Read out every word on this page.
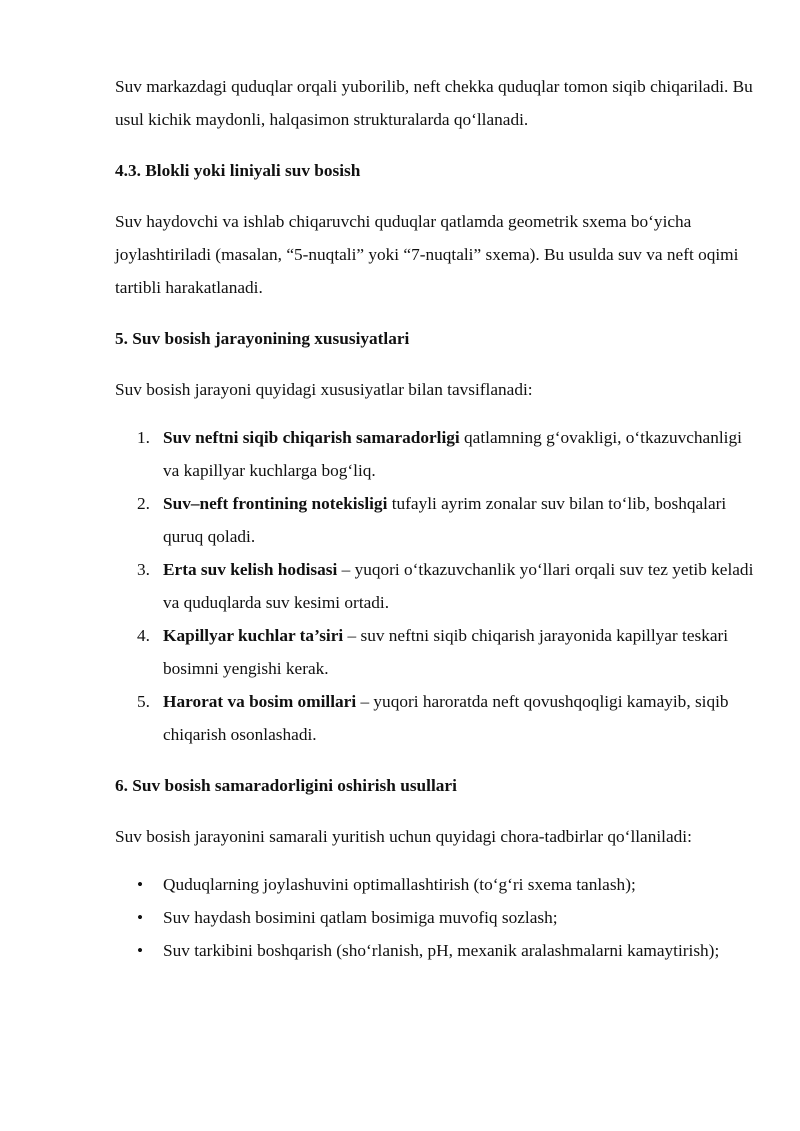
Suv markazdagi quduqlar orqali yuborilib, neft chekka quduqlar tomon siqib chiqariladi. Bu usul kichik maydonli, halqasimon strukturalarda qo‘llanadi.

4.3. Blokli yoki liniyali suv bosish

Suv haydovchi va ishlab chiqaruvchi quduqlar qatlamda geometrik sxema bo‘yicha joylashtiriladi (masalan, “5-nuqtali” yoki “7-nuqtali” sxema). Bu usulda suv va neft oqimi tartibli harakatlanadi.

5. Suv bosish jarayonining xususiyatlari

Suv bosish jarayoni quyidagi xususiyatlar bilan tavsiflanadi:

1. Suv neftni siqib chiqarish samaradorligi qatlamning g‘ovakligi, o‘tkazuvchanligi va kapillyar kuchlarga bog‘liq.
2. Suv–neft frontining notekisligi tufayli ayrim zonalar suv bilan to‘lib, boshqalari quruq qoladi.
3. Erta suv kelish hodisasi – yuqori o‘tkazuvchanlik yo‘llari orqali suv tez yetib keladi va quduqlarda suv kesimi ortadi.
4. Kapillyar kuchlar ta’siri – suv neftni siqib chiqarish jarayonida kapillyar teskari bosimni yengishi kerak.
5. Harorat va bosim omillari – yuqori haroratda neft qovushqoqligi kamayib, siqib chiqarish osonlashadi.

6. Suv bosish samaradorligini oshirish usullari

Suv bosish jarayonini samarali yuritish uchun quyidagi chora-tadbirlar qo‘llaniladi:

• Quduqlarning joylashuvini optimallashtirish (to‘g‘ri sxema tanlash);
• Suv haydash bosimini qatlam bosimiga muvofiq sozlash;
• Suv tarkibini boshqarish (sho‘rlanish, pH, mexanik aralashmalarni kamaytirish);
